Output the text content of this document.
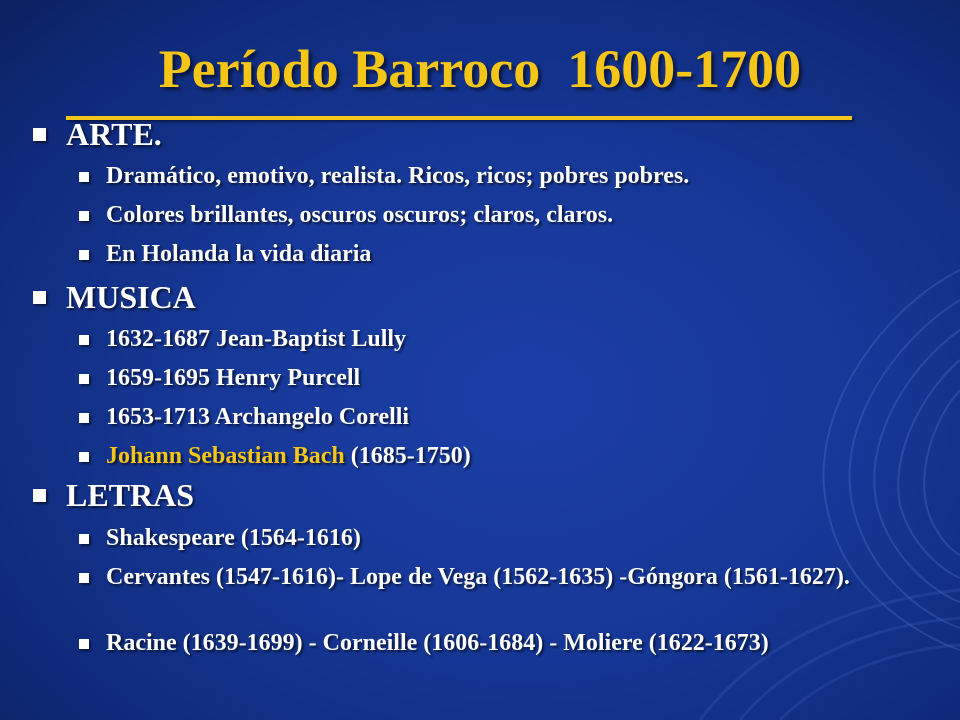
Período Barroco  1600-1700
ARTE.
Dramático, emotivo, realista. Ricos, ricos; pobres pobres.
Colores brillantes, oscuros oscuros; claros, claros.
En Holanda la vida diaria
MUSICA
1632-1687 Jean-Baptist Lully
1659-1695 Henry Purcell
1653-1713 Archangelo Corelli
Johann Sebastian Bach (1685-1750)
LETRAS
Shakespeare (1564-1616)
Cervantes (1547-1616)- Lope de Vega (1562-1635) -Góngora (1561-1627).
Racine (1639-1699) - Corneille (1606-1684) - Moliere (1622-1673)
